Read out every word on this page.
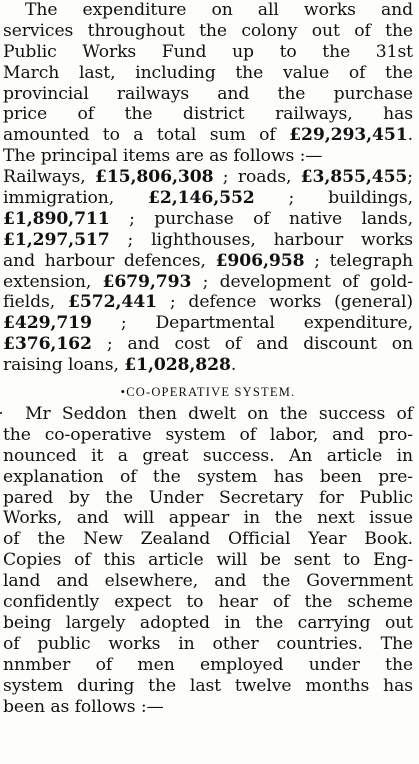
The expenditure on all works and
services throughout the colony out of the
Public Works Fund up to the 31st
March last, including the value of the
provincial railways and the purchase
price of the district railways, has
amounted to a total sum of £29,293,451.
The principal items are as follows :—
Railways, £15,806,308 ; roads, £3,855,455;
immigration, £2,146,552 ; buildings,
£1,890,711 ; purchase of native lands,
£1,297,517 ; lighthouses, harbour works
and harbour defences, £906,958 ; telegraph
extension, £679,793 ; development of gold-
fields, £572,441 ; defence works (general)
£429,719 ; Departmental expenditure,
£376,162 ; and cost of and discount on
raising loans, £1,028,828.
•CO-OPERATIVE SYSTEM.
Mr Seddon then dwelt on the success of
the co-operative system of labor, and pro-
nounced it a great success. An article in
explanation of the system has been pre-
pared by the Under Secretary for Public
Works, and will appear in the next issue
of the New Zealand Official Year Book.
Copies of this article will be sent to Eng-
land and elsewhere, and the Government
confidently expect to hear of the scheme
being largely adopted in the carrying out
of public works in other countries. The
nnmber of men employed under the
system during the last twelve months has
been as follows :—
